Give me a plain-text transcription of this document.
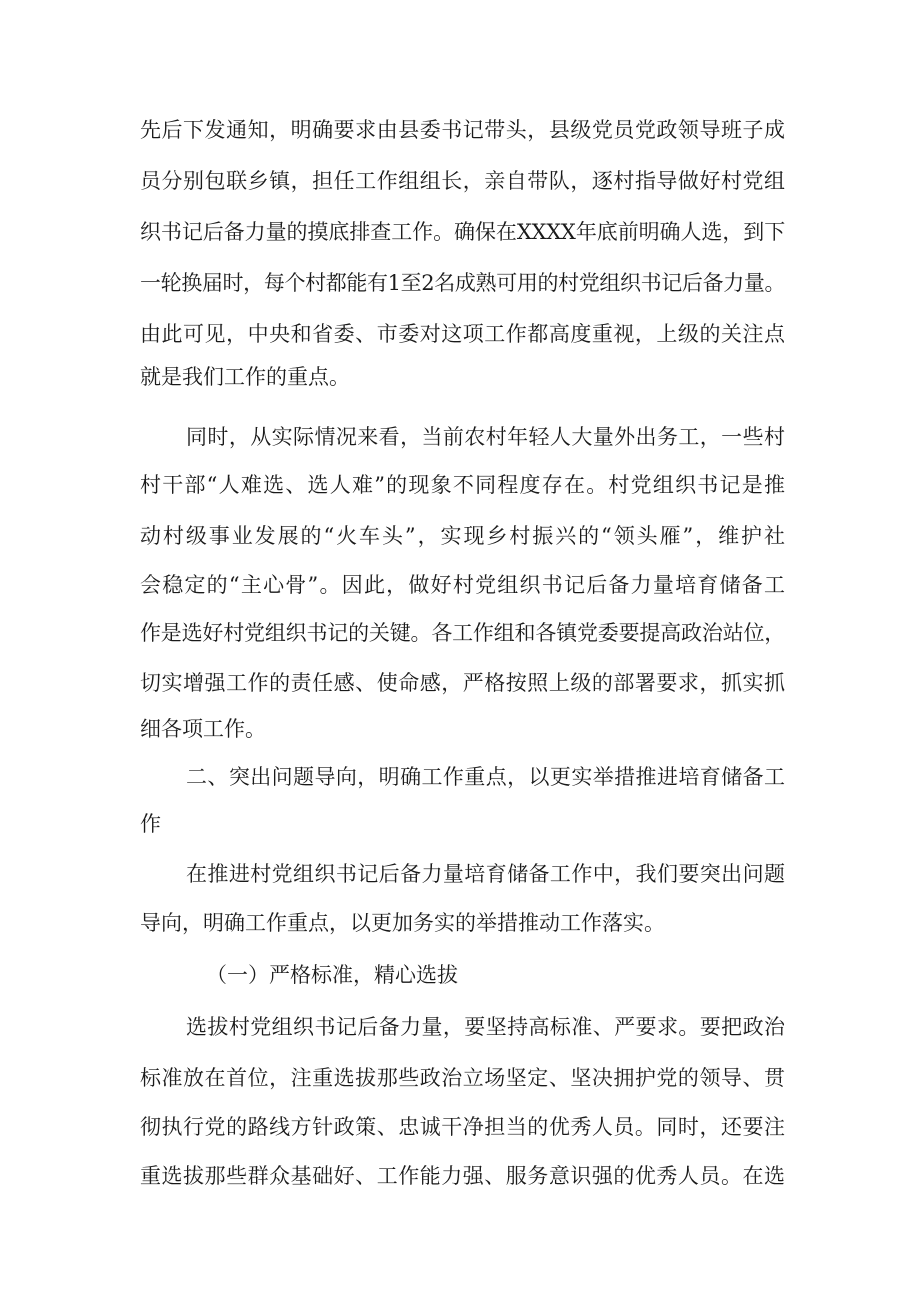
先后下发通知，明确要求由县委书记带头，县级党员党政领导班子成
员分别包联乡镇，担任工作组组长，亲自带队，逐村指导做好村党组
织书记后备力量的摸底排查工作。确保在XXXX年底前明确人选，到下
一轮换届时，每个村都能有1至2名成熟可用的村党组织书记后备力量。
由此可见，中央和省委、市委对这项工作都高度重视，上级的关注点
就是我们工作的重点。
同时，从实际情况来看，当前农村年轻人大量外出务工，一些村
村干部“人难选、选人难”的现象不同程度存在。村党组织书记是推
动村级事业发展的“火车头”，实现乡村振兴的“领头雁”，维护社
会稳定的“主心骨”。因此，做好村党组织书记后备力量培育储备工
作是选好村党组织书记的关键。各工作组和各镇党委要提高政治站位，
切实增强工作的责任感、使命感，严格按照上级的部署要求，抓实抓
细各项工作。
二、突出问题导向，明确工作重点，以更实举措推进培育储备工
作
在推进村党组织书记后备力量培育储备工作中，我们要突出问题
导向，明确工作重点，以更加务实的举措推动工作落实。
（一）严格标准，精心选拔
选拔村党组织书记后备力量，要坚持高标准、严要求。要把政治
标准放在首位，注重选拔那些政治立场坚定、坚决拥护党的领导、贯
彻执行党的路线方针政策、忠诚干净担当的优秀人员。同时，还要注
重选拔那些群众基础好、工作能力强、服务意识强的优秀人员。在选
